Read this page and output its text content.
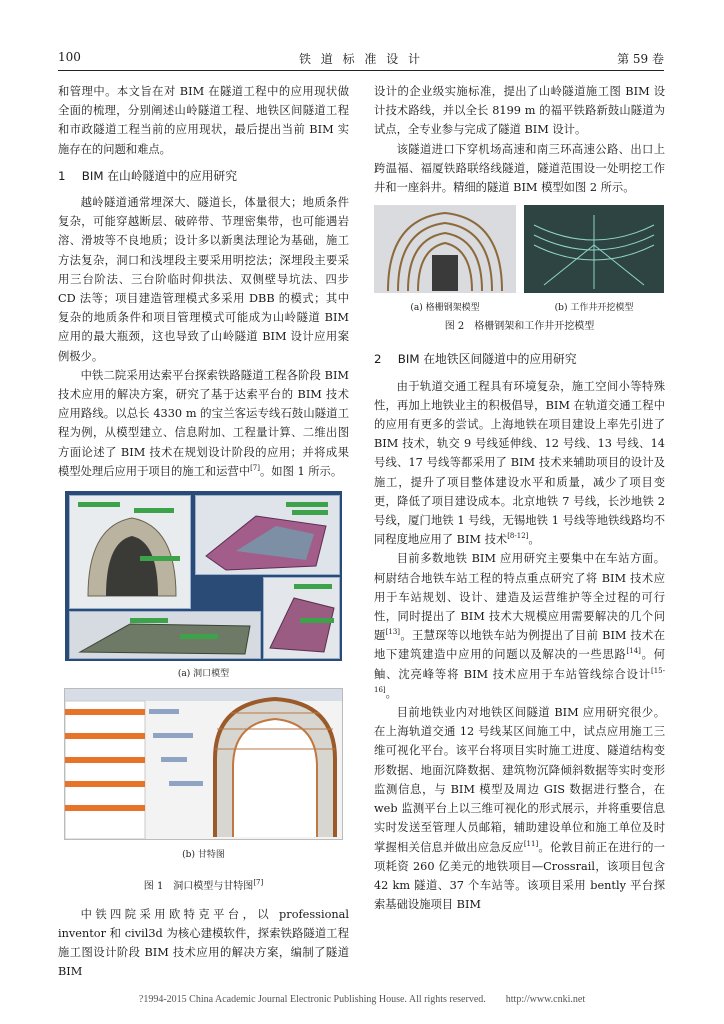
100	铁 道 标 准 设 计	第 59 卷

和管理中。本文旨在对 BIM 在隧道工程中的应用现状做全面的梳理，分别阐述山岭隧道工程、地铁区间隧道工程和市政隧道工程当前的应用现状，最后提出当前 BIM 实施存在的问题和难点。

1 BIM 在山岭隧道中的应用研究

越岭隧道通常埋深大、隧道长，体量很大；地质条件复杂，可能穿越断层、破碎带、节理密集带，也可能遇岩溶、滑坡等不良地质；设计多以新奥法理论为基础，施工方法复杂，洞口和浅埋段主要采用明挖法；深埋段主要采用三台阶法、三台阶临时仰拱法、双侧壁导坑法、四步 CD 法等；项目建造管理模式多采用 DBB 的模式；其中复杂的地质条件和项目管理模式可能成为山岭隧道 BIM 应用的最大瓶颈，这也导致了山岭隧道 BIM 设计应用案例极少。

中铁二院采用达索平台探索铁路隧道工程各阶段 BIM 技术应用的解决方案，研究了基于达索平台的 BIM 技术应用路线。以总长 4330 m 的宝兰客运专线石鼓山隧道工程为例，从模型建立、信息附加、工程量计算、二维出图方面论述了 BIM 技术在规划设计阶段的应用；并将成果模型处理后应用于项目的施工和运营中[7]。如图 1 所示。

(a) 洞口模型
(b) 甘特图
图 1　洞口模型与甘特图[7]

中铁四院采用欧特克平台，以 professional inventor 和 civil3d 为核心建模软件，探索铁路隧道工程施工图设计阶段 BIM 技术应用的解决方案，编制了隧道 BIM

设计的企业级实施标准，提出了山岭隧道施工图 BIM 设计技术路线，并以全长 8199 m 的福平铁路新鼓山隧道为试点，全专业参与完成了隧道 BIM 设计。

该隧道进口下穿机场高速和南三环高速公路、出口上跨温福、福厦铁路联络线隧道，隧道范围设一处明挖工作井和一座斜井。精细的隧道 BIM 模型如图 2 所示。

(a) 格栅钢架模型	(b) 工作井开挖模型
图 2　格栅钢架和工作井开挖模型
2 BIM 在地铁区间隧道中的应用研究

由于轨道交通工程具有环境复杂，施工空间小等特殊性，再加上地铁业主的积极倡导，BIM 在轨道交通工程中的应用有更多的尝试。上海地铁在项目建设上率先引进了 BIM 技术，轨交 9 号线延伸线、12 号线、13 号线、14 号线、17 号线等都采用了 BIM 技术来辅助项目的设计及施工，提升了项目整体建设水平和质量，减少了项目变更，降低了项目建设成本。北京地铁 7 号线，长沙地铁 2 号线，厦门地铁 1 号线，无锡地铁 1 号线等地铁线路均不同程度地应用了 BIM 技术[8-12]。

目前多数地铁 BIM 应用研究主要集中在车站方面。柯尉结合地铁车站工程的特点重点研究了将 BIM 技术应用于车站规划、设计、建造及运营维护等全过程的可行性，同时提出了 BIM 技术大规模应用需要解决的几个问题[13]。王慧琛等以地铁车站为例提出了目前 BIM 技术在地下建筑建造中应用的问题以及解决的一些思路[14]。何鲉、沈亮峰等将 BIM 技术应用于车站管线综合设计[15-16]。

目前地铁业内对地铁区间隧道 BIM 应用研究很少。在上海轨道交通 12 号线某区间施工中，试点应用施工三维可视化平台。该平台将项目实时施工进度、隧道结构变形数据、地面沉降数据、建筑物沉降倾斜数据等实时变形监测信息，与 BIM 模型及周边 GIS 数据进行整合，在 web 监测平台上以三维可视化的形式展示，并将重要信息实时发送至管理人员邮箱，辅助建设单位和施工单位及时掌握相关信息并做出应急反应[11]。伦敦目前正在进行的一项耗资 260 亿美元的地铁项目—Crossrail，该项目包含 42 km 隧道、37 个车站等。该项目采用 bently 平台探索基础设施项目 BIM

?1994-2015 China Academic Journal Electronic Publishing House. All rights reserved.　　http://www.cnki.net
